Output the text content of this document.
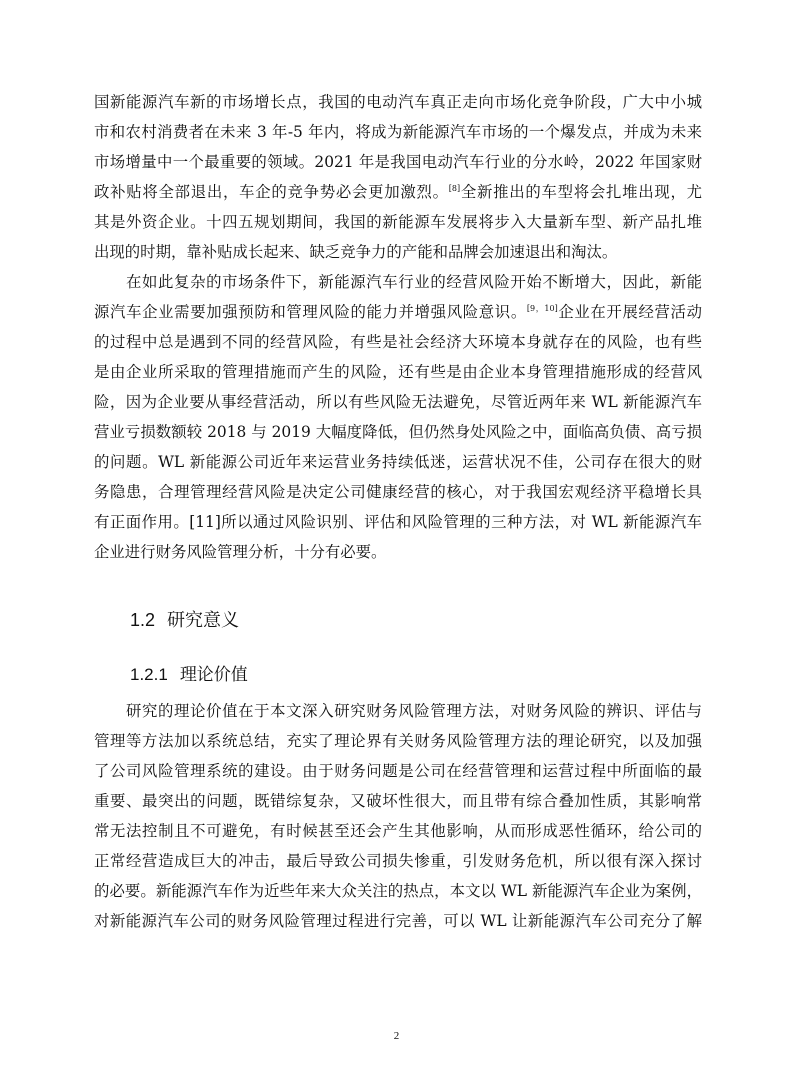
国新能源汽车新的市场增长点，我国的电动汽车真正走向市场化竞争阶段，广大中小城
市和农村消费者在未来 3 年-5 年内，将成为新能源汽车市场的一个爆发点，并成为未来
市场增量中一个最重要的领域。2021 年是我国电动汽车行业的分水岭，2022 年国家财
政补贴将全部退出，车企的竞争势必会更加激烈。[8]全新推出的车型将会扎堆出现，尤
其是外资企业。十四五规划期间，我国的新能源车发展将步入大量新车型、新产品扎堆
出现的时期，靠补贴成长起来、缺乏竞争力的产能和品牌会加速退出和淘汰。
在如此复杂的市场条件下，新能源汽车行业的经营风险开始不断增大，因此，新能
源汽车企业需要加强预防和管理风险的能力并增强风险意识。[9，10]企业在开展经营活动
的过程中总是遇到不同的经营风险，有些是社会经济大环境本身就存在的风险，也有些
是由企业所采取的管理措施而产生的风险，还有些是由企业本身管理措施形成的经营风
险，因为企业要从事经营活动，所以有些风险无法避免，尽管近两年来 WL 新能源汽车
营业亏损数额较 2018 与 2019 大幅度降低，但仍然身处风险之中，面临高负债、高亏损
的问题。WL 新能源公司近年来运营业务持续低迷，运营状况不佳，公司存在很大的财
务隐患，合理管理经营风险是决定公司健康经营的核心，对于我国宏观经济平稳增长具
有正面作用。[11]所以通过风险识别、评估和风险管理的三种方法，对 WL 新能源汽车
企业进行财务风险管理分析，十分有必要。
1.2 研究意义
1.2.1 理论价值
研究的理论价值在于本文深入研究财务风险管理方法，对财务风险的辨识、评估与
管理等方法加以系统总结，充实了理论界有关财务风险管理方法的理论研究，以及加强
了公司风险管理系统的建设。由于财务问题是公司在经营管理和运营过程中所面临的最
重要、最突出的问题，既错综复杂，又破坏性很大，而且带有综合叠加性质，其影响常
常无法控制且不可避免，有时候甚至还会产生其他影响，从而形成恶性循环，给公司的
正常经营造成巨大的冲击，最后导致公司损失惨重，引发财务危机，所以很有深入探讨
的必要。新能源汽车作为近些年来大众关注的热点，本文以 WL 新能源汽车企业为案例，
对新能源汽车公司的财务风险管理过程进行完善，可以 WL 让新能源汽车公司充分了解
2
